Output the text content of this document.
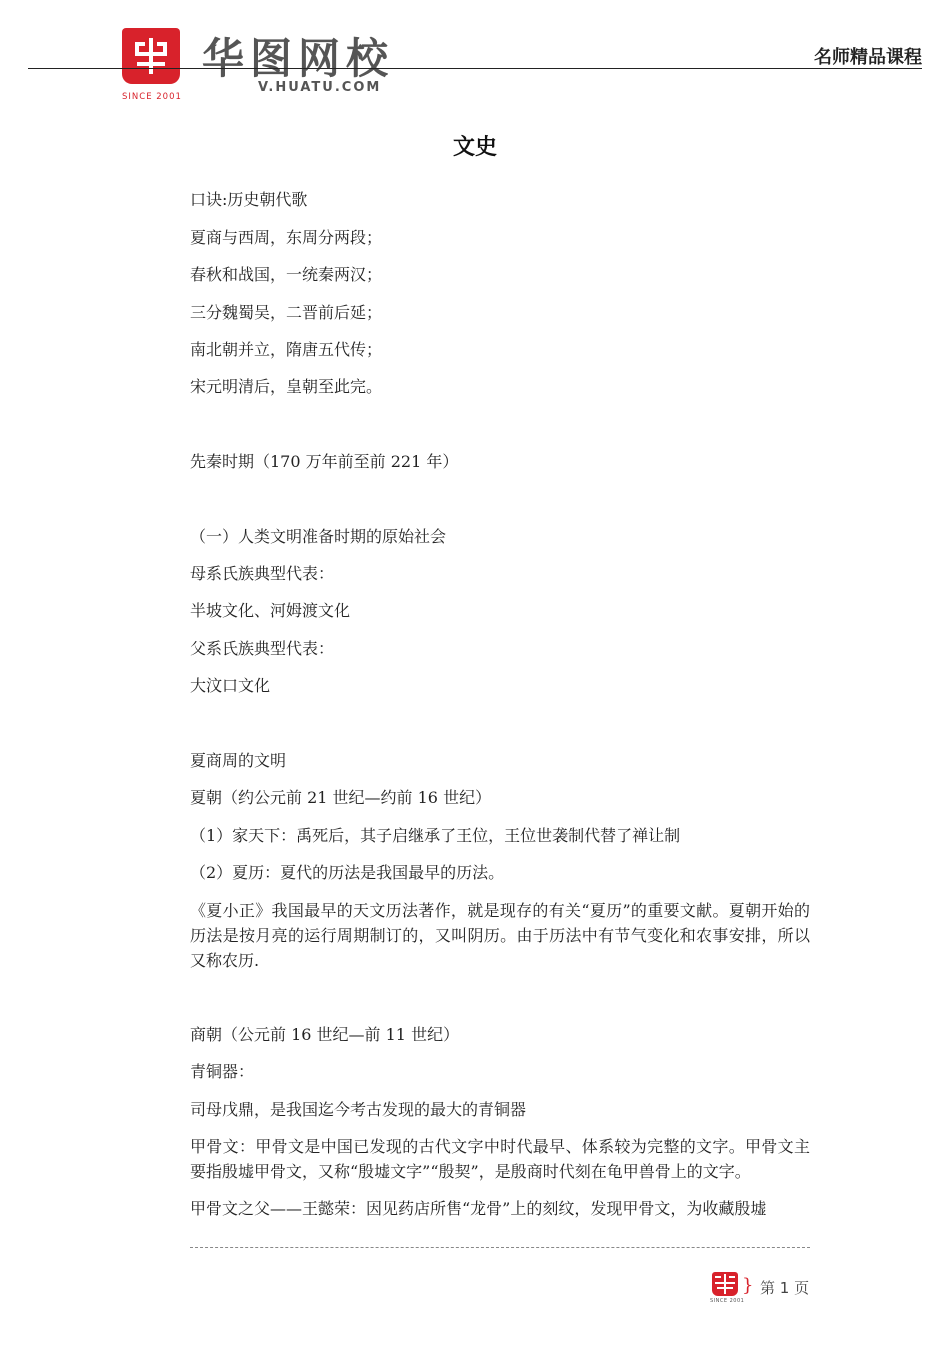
SINCE 2001
华图网校
V.HUATU.COM
名师精品课程
文史

口诀:历史朝代歌

夏商与西周，东周分两段；

春秋和战国，一统秦两汉；

三分魏蜀吴，二晋前后延；

南北朝并立，隋唐五代传；

宋元明清后，皇朝至此完。

先秦时期（170 万年前至前 221 年）

（一）人类文明准备时期的原始社会

母系氏族典型代表：

半坡文化、河姆渡文化

父系氏族典型代表：

大汶口文化

夏商周的文明

夏朝（约公元前 21 世纪—约前 16 世纪）

（1）家天下：禹死后，其子启继承了王位，王位世袭制代替了禅让制

（2）夏历：夏代的历法是我国最早的历法。

《夏小正》我国最早的天文历法著作，就是现存的有关“夏历”的重要文献。夏朝开始的历法是按月亮的运行周期制订的，又叫阴历。由于历法中有节气变化和农事安排，所以又称农历.

商朝（公元前 16 世纪—前 11 世纪）

青铜器：

司母戊鼎，是我国迄今考古发现的最大的青铜器

甲骨文：甲骨文是中国已发现的古代文字中时代最早、体系较为完整的文字。甲骨文主要指殷墟甲骨文，又称“殷墟文字”“殷契”，是殷商时代刻在龟甲兽骨上的文字。

甲骨文之父——王懿荣：因见药店所售“龙骨”上的刻纹，发现甲骨文，为收藏殷墟

SINCE 2001
} 第 1 页
